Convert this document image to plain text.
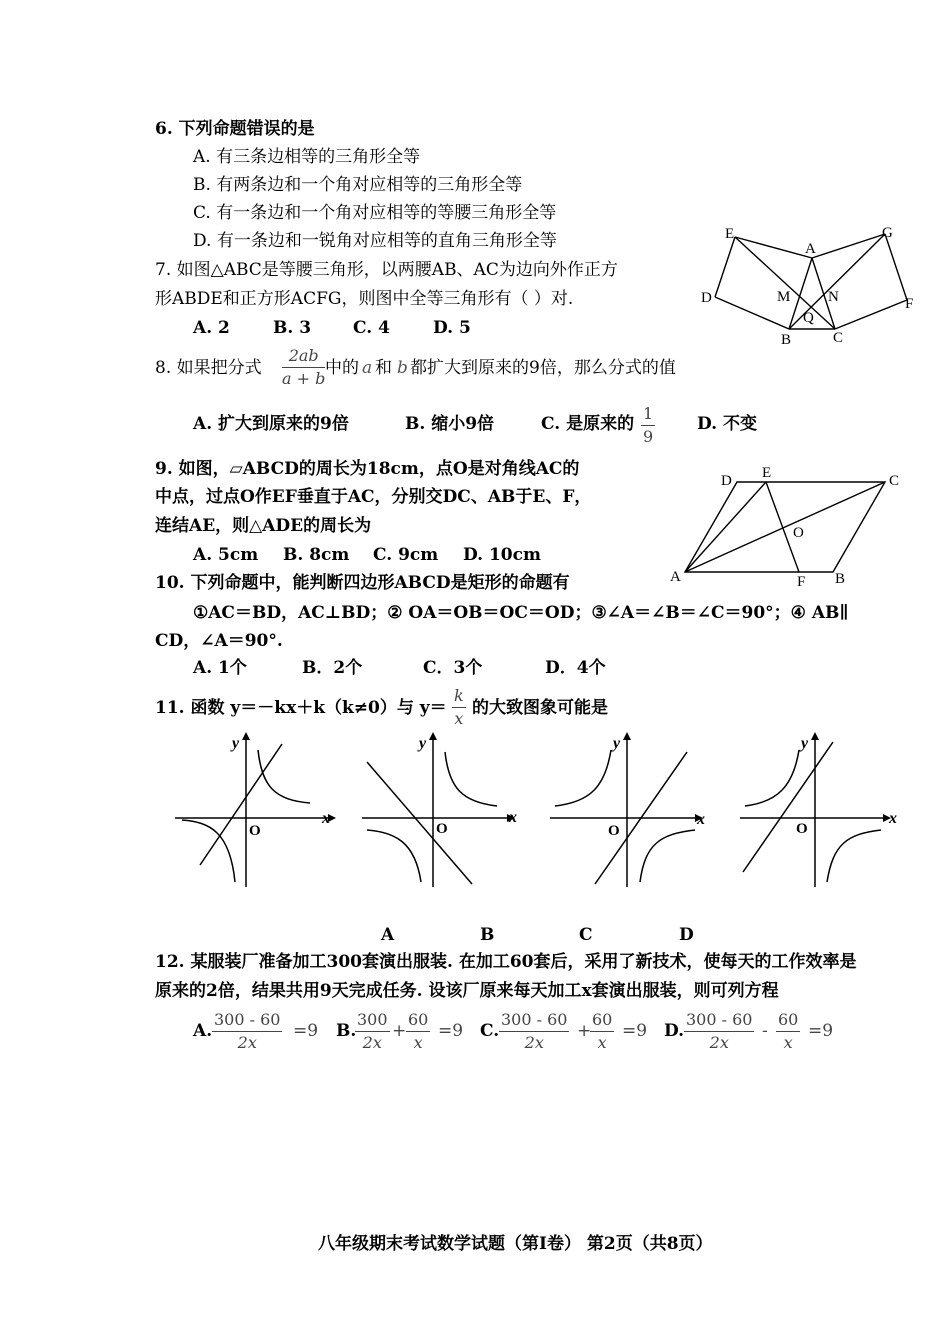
6. 下列命题错误的是
A. 有三条边相等的三角形全等
B. 有两条边和一个角对应相等的三角形全等
C. 有一条边和一个角对应相等的等腰三角形全等
D. 有一条边和一锐角对应相等的直角三角形全等
7. 如图△ABC是等腰三角形，以两腰AB、AC为边向外作正方
形ABDE和正方形ACFG，则图中全等三角形有（ ）对.
A. 2	B. 3 C. 4	D. 5
E
A
G
D	M	N	F
Q
B	C
8. 如果把分式
2ab
a + b
中的 a 和 b 都扩大到原来的9倍，那么分式的值
A. 扩大到原来的9倍	B. 缩小9倍	C. 是原来的
1
9
D. 不变
9. 如图，▱ABCD的周长为18cm，点O是对角线AC的
中点，过点O作EF垂直于AC，分别交DC、AB于E、F，
连结AE，则△ADE的周长为
A. 5cm B. 8cm C. 9cm D. 10cm
D E	C
O
A	F B
10. 下列命题中，能判断四边形ABCD是矩形的命题有
①AC＝BD，AC⊥BD；② OA＝OB＝OC＝OD；③∠A＝∠B＝∠C＝90°；④ AB∥
CD，∠A＝90°.
A. 1个	B．2个	C．3个	D．4个
11. 函数 y＝－kx＋k（k≠0）与 y＝
k
x
的大致图象可能是
x
y
O
x
y
O
x
y
O
x
y
O
A	B	C	D
12. 某服装厂准备加工300套演出服装. 在加工60套后，采用了新技术，使每天的工作效率是
原来的2倍，结果共用9天完成任务. 设该厂原来每天加工x套演出服装，则可列方程
A.
300 - 60
2x
=9 B.
300
2x
+
60
x
=9 C.
300 - 60
2x
+
60
x
=9 D.
300 - 60
2x
-
60
x
=9
八年级期末考试数学试题（第Ⅰ卷） 第2页（共8页）
